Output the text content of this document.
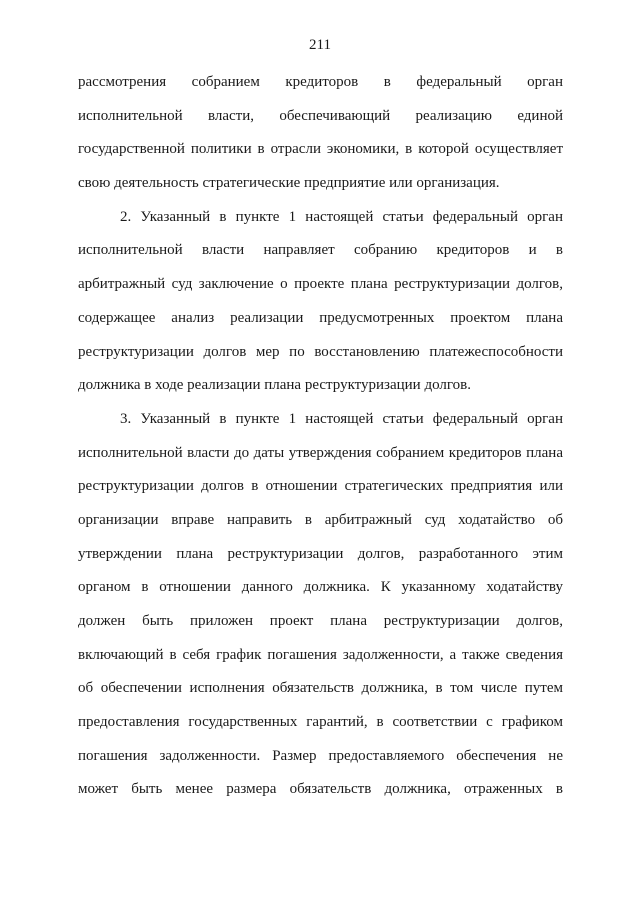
211
рассмотрения собранием кредиторов в федеральный орган
исполнительной власти, обеспечивающий реализацию единой
государственной политики в отрасли экономики, в которой осуществляет
свою деятельность стратегические предприятие или организация.
2. Указанный в пункте 1 настоящей статьи федеральный орган
исполнительной власти направляет собранию кредиторов и в
арбитражный суд заключение о проекте плана реструктуризации долгов,
содержащее анализ реализации предусмотренных проектом плана
реструктуризации долгов мер по восстановлению платежеспособности
должника в ходе реализации плана реструктуризации долгов.
3. Указанный в пункте 1 настоящей статьи федеральный орган
исполнительной власти до даты утверждения собранием кредиторов плана
реструктуризации долгов в отношении стратегических предприятия или
организации вправе направить в арбитражный суд ходатайство об
утверждении плана реструктуризации долгов, разработанного этим
органом в отношении данного должника. К указанному ходатайству
должен быть приложен проект плана реструктуризации долгов,
включающий в себя график погашения задолженности, а также сведения
об обеспечении исполнения обязательств должника, в том числе путем
предоставления государственных гарантий, в соответствии с графиком
погашения задолженности. Размер предоставляемого обеспечения не
может быть менее размера обязательств должника, отраженных в
